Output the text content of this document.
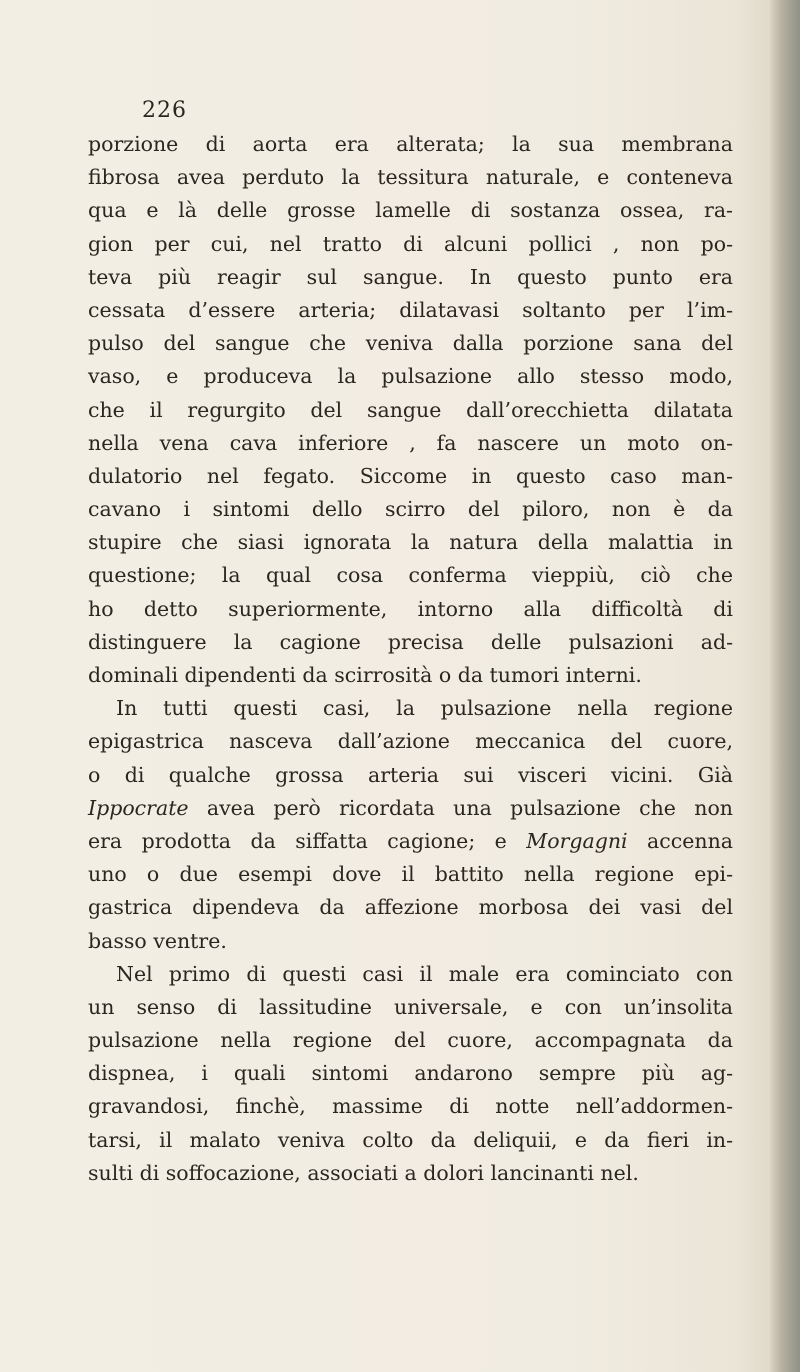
226
porzione di aorta era alterata; la sua membrana
fibrosa avea perduto la tessitura naturale, e conteneva
qua e là delle grosse lamelle di sostanza ossea, ra-
gion per cui, nel tratto di alcuni pollici , non po-
teva più reagir sul sangue. In questo punto era
cessata d’essere arteria; dilatavasi soltanto per l’im-
pulso del sangue che veniva dalla porzione sana del
vaso, e produceva la pulsazione allo stesso modo,
che il regurgito del sangue dall’orecchietta dilatata
nella vena cava inferiore , fa nascere un moto on-
dulatorio nel fegato. Siccome in questo caso man-
cavano i sintomi dello scirro del piloro, non è da
stupire che siasi ignorata la natura della malattia in
questione; la qual cosa conferma vieppiù, ciò che
ho detto superiormente, intorno alla difficoltà di
distinguere la cagione precisa delle pulsazioni ad-
dominali dipendenti da scirrosità o da tumori interni.
In tutti questi casi, la pulsazione nella regione
epigastrica nasceva dall’azione meccanica del cuore,
o di qualche grossa arteria sui visceri vicini. Già
Ippocrate avea però ricordata una pulsazione che non
era prodotta da siffatta cagione; e Morgagni accenna
uno o due esempi dove il battito nella regione epi-
gastrica dipendeva da affezione morbosa dei vasi del
basso ventre.
Nel primo di questi casi il male era cominciato con
un senso di lassitudine universale, e con un’insolita
pulsazione nella regione del cuore, accompagnata da
dispnea, i quali sintomi andarono sempre più ag-
gravandosi, finchè, massime di notte nell’addormen-
tarsi, il malato veniva colto da deliquii, e da fieri in-
sulti di soffocazione, associati a dolori lancinanti nel.
